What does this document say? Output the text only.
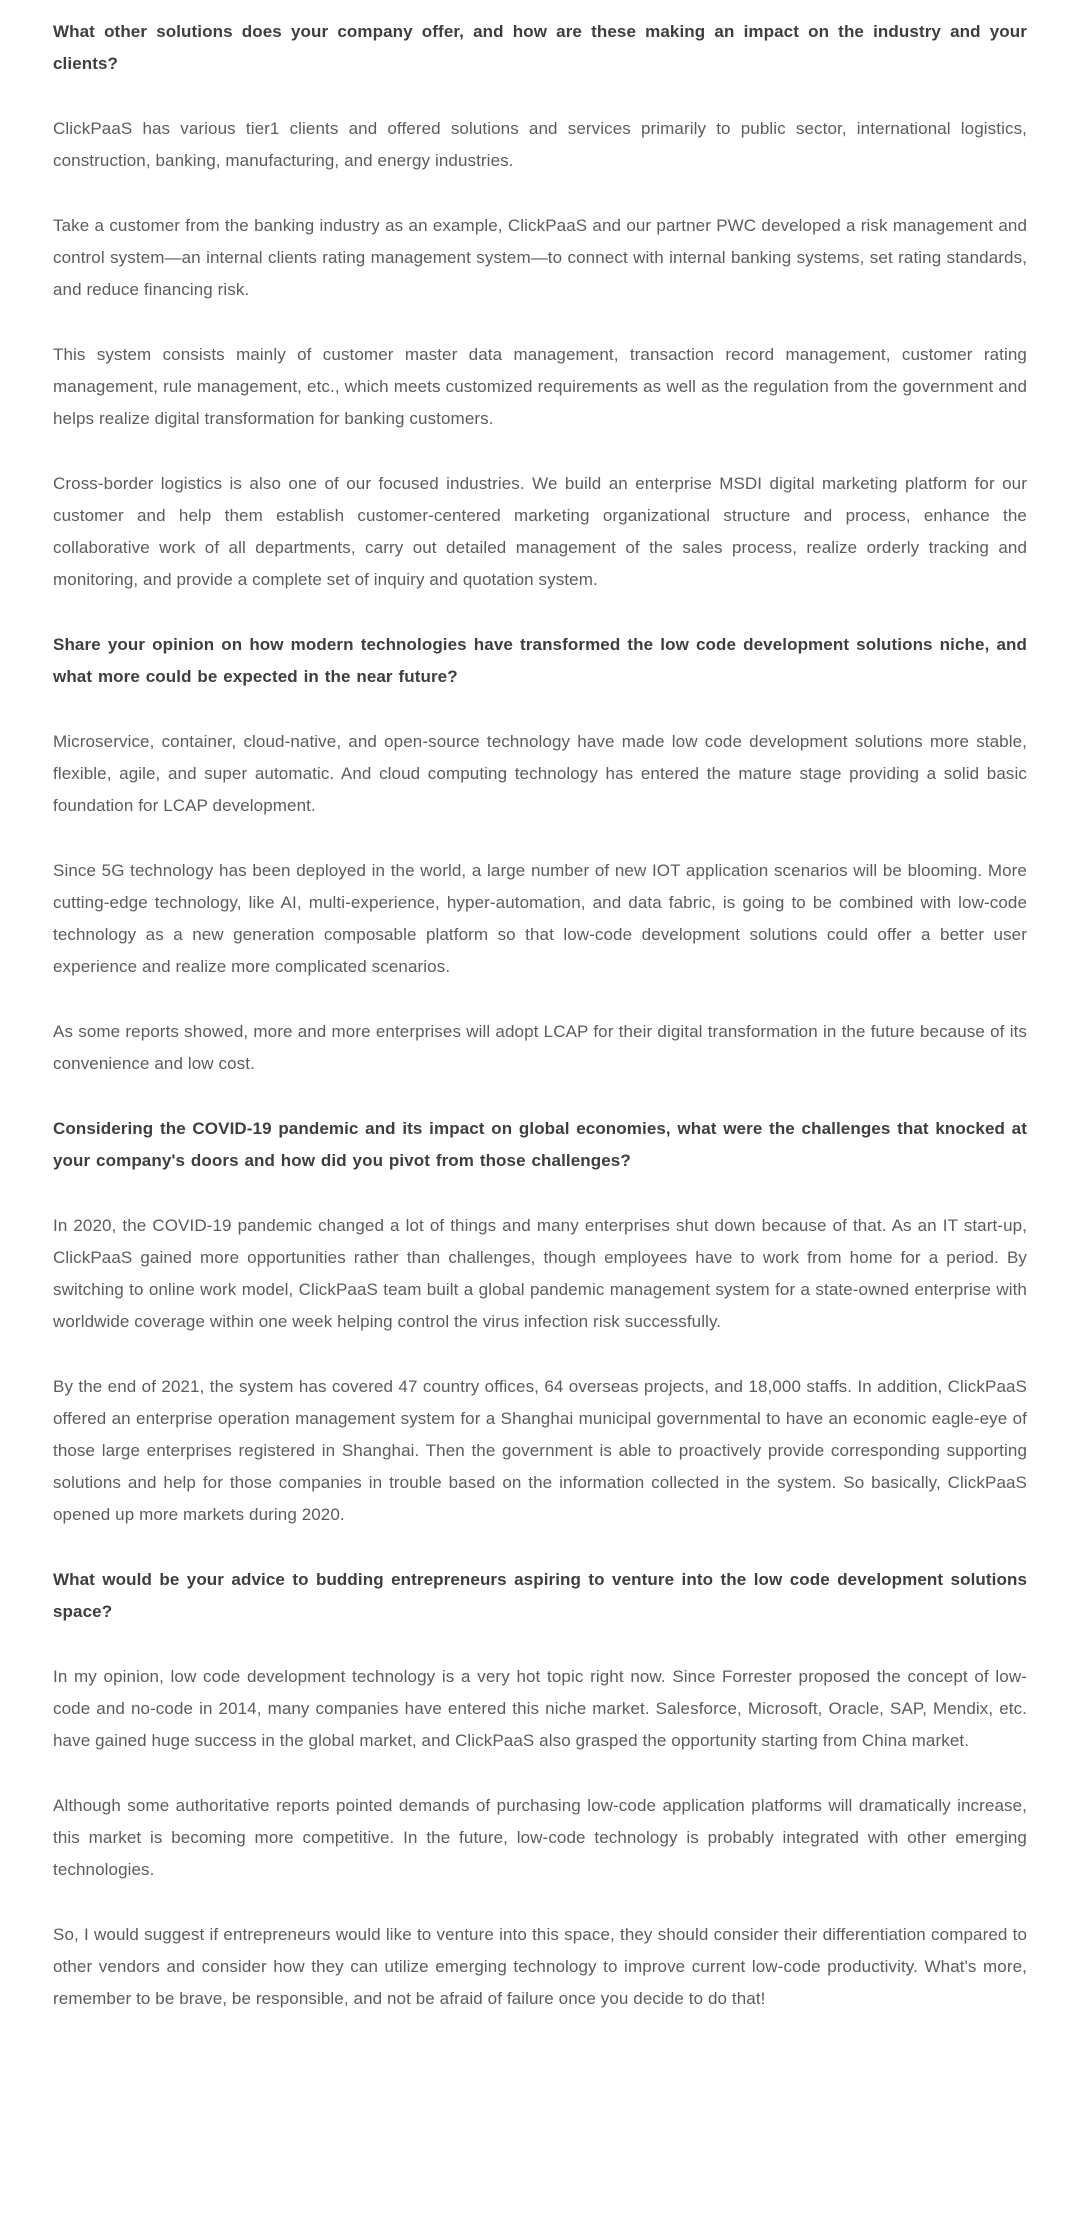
What other solutions does your company offer, and how are these making an impact on the industry and your clients?
ClickPaaS has various tier1 clients and offered solutions and services primarily to public sector, international logistics, construction, banking, manufacturing, and energy industries.
Take a customer from the banking industry as an example, ClickPaaS and our partner PWC developed a risk management and control system—an internal clients rating management system—to connect with internal banking systems, set rating standards, and reduce financing risk.
This system consists mainly of customer master data management, transaction record management, customer rating management, rule management, etc., which meets customized requirements as well as the regulation from the government and helps realize digital transformation for banking customers.
Cross-border logistics is also one of our focused industries. We build an enterprise MSDI digital marketing platform for our customer and help them establish customer-centered marketing organizational structure and process, enhance the collaborative work of all departments, carry out detailed management of the sales process, realize orderly tracking and monitoring, and provide a complete set of inquiry and quotation system.
Share your opinion on how modern technologies have transformed the low code development solutions niche, and what more could be expected in the near future?
Microservice, container, cloud-native, and open-source technology have made low code development solutions more stable, flexible, agile, and super automatic. And cloud computing technology has entered the mature stage providing a solid basic foundation for LCAP development.
Since 5G technology has been deployed in the world, a large number of new IOT application scenarios will be blooming. More cutting-edge technology, like AI, multi-experience, hyper-automation, and data fabric, is going to be combined with low-code technology as a new generation composable platform so that low-code development solutions could offer a better user experience and realize more complicated scenarios.
As some reports showed, more and more enterprises will adopt LCAP for their digital transformation in the future because of its convenience and low cost.
Considering the COVID-19 pandemic and its impact on global economies, what were the challenges that knocked at your company's doors and how did you pivot from those challenges?
In 2020, the COVID-19 pandemic changed a lot of things and many enterprises shut down because of that. As an IT start-up, ClickPaaS gained more opportunities rather than challenges, though employees have to work from home for a period. By switching to online work model, ClickPaaS team built a global pandemic management system for a state-owned enterprise with worldwide coverage within one week helping control the virus infection risk successfully.
By the end of 2021, the system has covered 47 country offices, 64 overseas projects, and 18,000 staffs. In addition, ClickPaaS offered an enterprise operation management system for a Shanghai municipal governmental to have an economic eagle-eye of those large enterprises registered in Shanghai. Then the government is able to proactively provide corresponding supporting solutions and help for those companies in trouble based on the information collected in the system. So basically, ClickPaaS opened up more markets during 2020.
What would be your advice to budding entrepreneurs aspiring to venture into the low code development solutions space?
In my opinion, low code development technology is a very hot topic right now. Since Forrester proposed the concept of low-code and no-code in 2014, many companies have entered this niche market. Salesforce, Microsoft, Oracle, SAP, Mendix, etc. have gained huge success in the global market, and ClickPaaS also grasped the opportunity starting from China market.
Although some authoritative reports pointed demands of purchasing low-code application platforms will dramatically increase, this market is becoming more competitive. In the future, low-code technology is probably integrated with other emerging technologies.
So, I would suggest if entrepreneurs would like to venture into this space, they should consider their differentiation compared to other vendors and consider how they can utilize emerging technology to improve current low-code productivity. What's more, remember to be brave, be responsible, and not be afraid of failure once you decide to do that!
